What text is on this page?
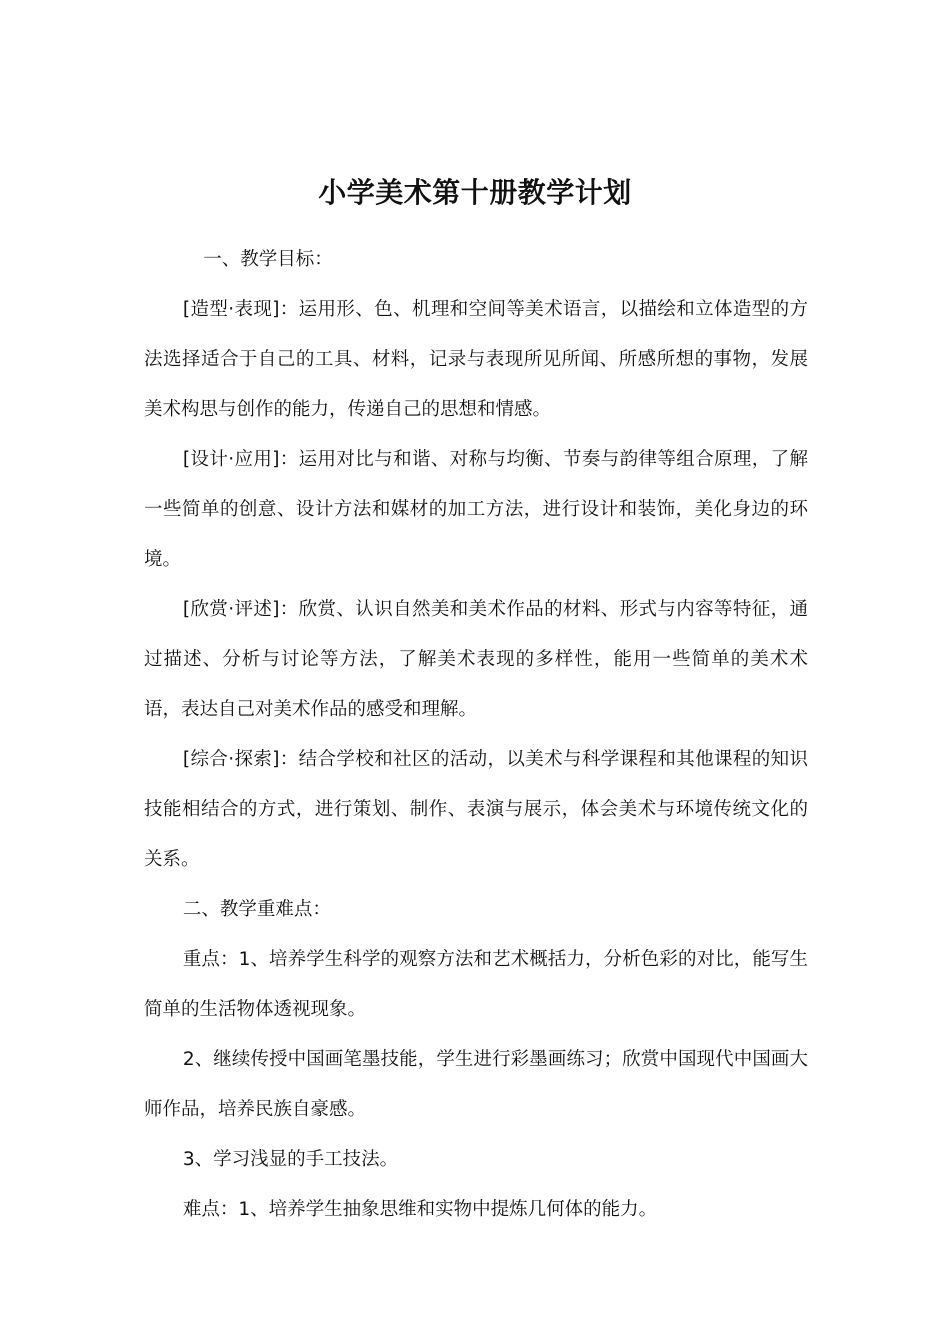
小学美术第十册教学计划

一、教学目标：

[造型·表现]：运用形、色、机理和空间等美术语言，以描绘和立体造型的方法选择适合于自己的工具、材料，记录与表现所见所闻、所感所想的事物，发展美术构思与创作的能力，传递自己的思想和情感。

[设计·应用]：运用对比与和谐、对称与均衡、节奏与韵律等组合原理，了解一些简单的创意、设计方法和媒材的加工方法，进行设计和装饰，美化身边的环境。

[欣赏·评述]：欣赏、认识自然美和美术作品的材料、形式与内容等特征，通过描述、分析与讨论等方法，了解美术表现的多样性，能用一些简单的美术术语，表达自己对美术作品的感受和理解。

[综合·探索]：结合学校和社区的活动，以美术与科学课程和其他课程的知识技能相结合的方式，进行策划、制作、表演与展示，体会美术与环境传统文化的关系。

二、教学重难点：

重点：1、培养学生科学的观察方法和艺术概括力，分析色彩的对比，能写生简单的生活物体透视现象。

2、继续传授中国画笔墨技能，学生进行彩墨画练习；欣赏中国现代中国画大师作品，培养民族自豪感。

3、学习浅显的手工技法。

难点：1、培养学生抽象思维和实物中提炼几何体的能力。
